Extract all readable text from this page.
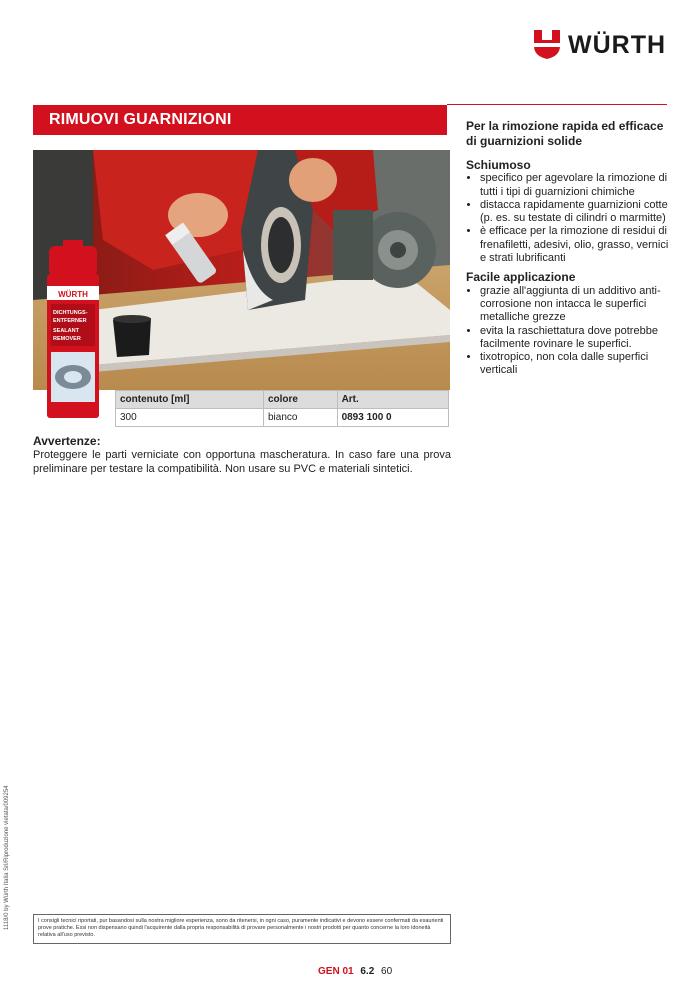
WÜRTH
RIMUOVI GUARNIZIONI
WÜRTH
DICHTUNGS-
ENTFERNER
SEALANT
REMOVER
contenuto [ml]	colore	Art.
300	bianco	0893 100 0
Avvertenze:
Proteggere le parti verniciate con opportuna mascheratura. In caso fare una prova preliminare per testare la compatibilità. Non usare su PVC e materiali sintetici.
Per la rimozione rapida ed efficace di guarnizioni solide
Schiumoso
• specifico per agevolare la rimozione di tutti i tipi di guarnizioni chimiche
• distacca rapidamente guarnizioni cotte (p. es. su testate di cilindri o marmitte)
• è efficace per la rimozione di residui di frenafiletti, adesivi, olio, grasso, vernici e strati lubrificanti
Facile applicazione
• grazie all'aggiunta di un additivo anti-corrosione non intacca le superfici metalliche grezze
• evita la raschiettatura dove potrebbe facilmente rovinare le superfici.
• tixotropico, non cola dalle superfici verticali
1118/0 by Würth Italia Srl/Riproduzione vietata/009254	I consigli tecnici riportati, pur basandosi sulla nostra migliore esperienza, sono da ritenersi, in ogni caso, puramente indicativi e devono essere confermati da esaurienti prove pratiche. Essi non dispensano quindi l'acquirente dalla propria responsabilità di provare personalmente i nostri prodotti per quanto concerne la loro idoneità relativa all'uso previsto.
GEN 01 6.2 60
